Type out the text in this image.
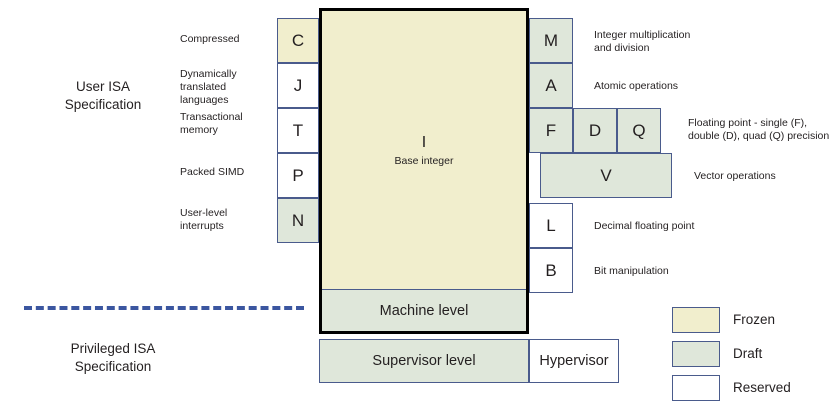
User ISA
Specification
Privileged ISA
Specification
Compressed
Dynamically
translated languages
Transactional
memory
Packed SIMD
User-level
interrupts
C
J
T
P
N
I
Base integer
Machine level
M
A
F D Q
V
L
B
Integer multiplication
and division
Atomic operations
Floating point - single (F),
double (D), quad (Q) precision
Vector operations
Decimal floating point
Bit manipulation
Supervisor level	Hypervisor
Frozen
Draft
Reserved
